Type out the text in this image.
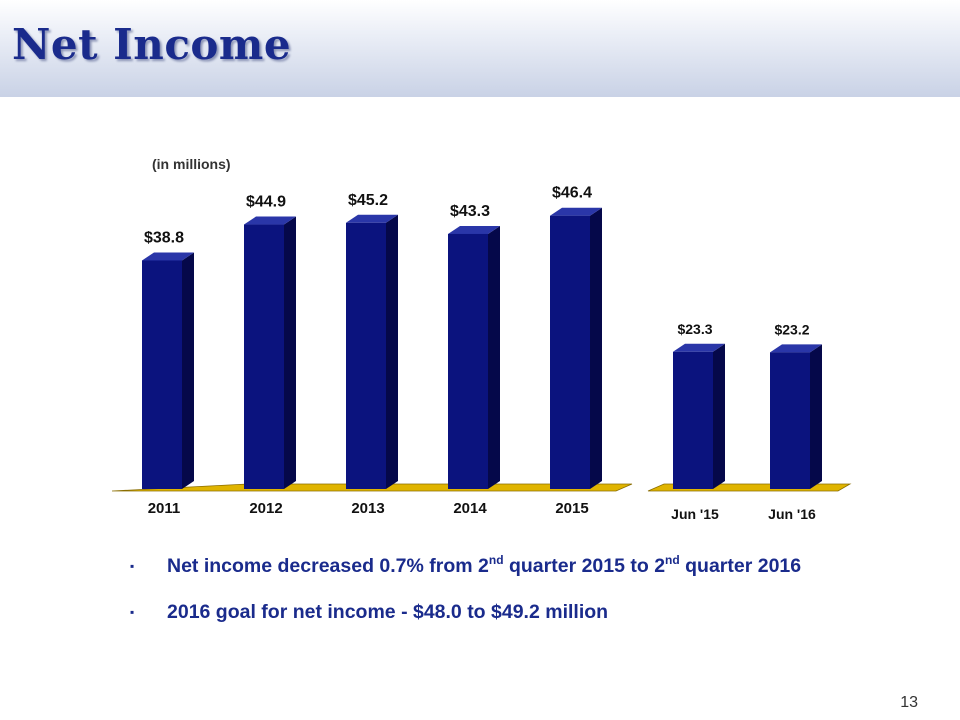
Net Income
(in millions)
$38.8
2011
$44.9
2012
$45.2
2013
$43.3
2014
$46.4
2015
$23.3
Jun '15
$23.2
Jun '16
▪ Net income decreased 0.7% from 2nd quarter 2015 to 2nd quarter 2016
▪ 2016 goal for net income - $48.0 to $49.2 million
13
